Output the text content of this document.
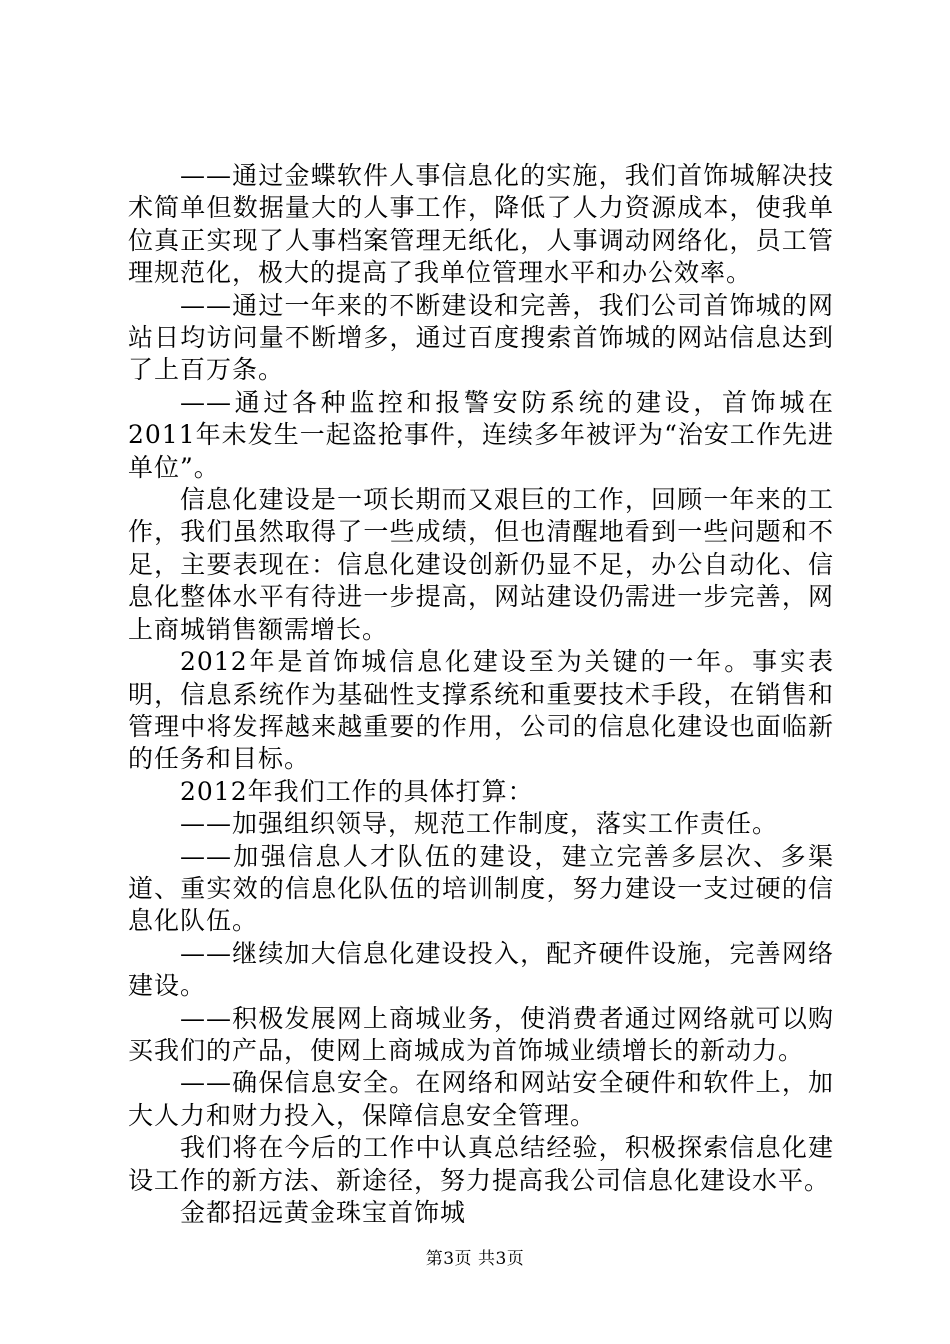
——通过金蝶软件人事信息化的实施，我们首饰城解决技术简单但数据量大的人事工作，降低了人力资源成本，使我单位真正实现了人事档案管理无纸化，人事调动网络化，员工管理规范化，极大的提高了我单位管理水平和办公效率。

——通过一年来的不断建设和完善，我们公司首饰城的网站日均访问量不断增多，通过百度搜索首饰城的网站信息达到了上百万条。

——通过各种监控和报警安防系统的建设，首饰城在2011年未发生一起盗抢事件，连续多年被评为“治安工作先进单位”。

信息化建设是一项长期而又艰巨的工作，回顾一年来的工作，我们虽然取得了一些成绩，但也清醒地看到一些问题和不足，主要表现在：信息化建设创新仍显不足，办公自动化、信息化整体水平有待进一步提高，网站建设仍需进一步完善，网上商城销售额需增长。

2012年是首饰城信息化建设至为关键的一年。事实表明，信息系统作为基础性支撑系统和重要技术手段，在销售和管理中将发挥越来越重要的作用，公司的信息化建设也面临新的任务和目标。

2012年我们工作的具体打算：

——加强组织领导，规范工作制度，落实工作责任。

——加强信息人才队伍的建设，建立完善多层次、多渠道、重实效的信息化队伍的培训制度，努力建设一支过硬的信息化队伍。

——继续加大信息化建设投入，配齐硬件设施，完善网络建设。

——积极发展网上商城业务，使消费者通过网络就可以购买我们的产品，使网上商城成为首饰城业绩增长的新动力。

——确保信息安全。在网络和网站安全硬件和软件上，加大人力和财力投入，保障信息安全管理。

我们将在今后的工作中认真总结经验，积极探索信息化建设工作的新方法、新途径，努力提高我公司信息化建设水平。

金都招远黄金珠宝首饰城

第3页 共3页
